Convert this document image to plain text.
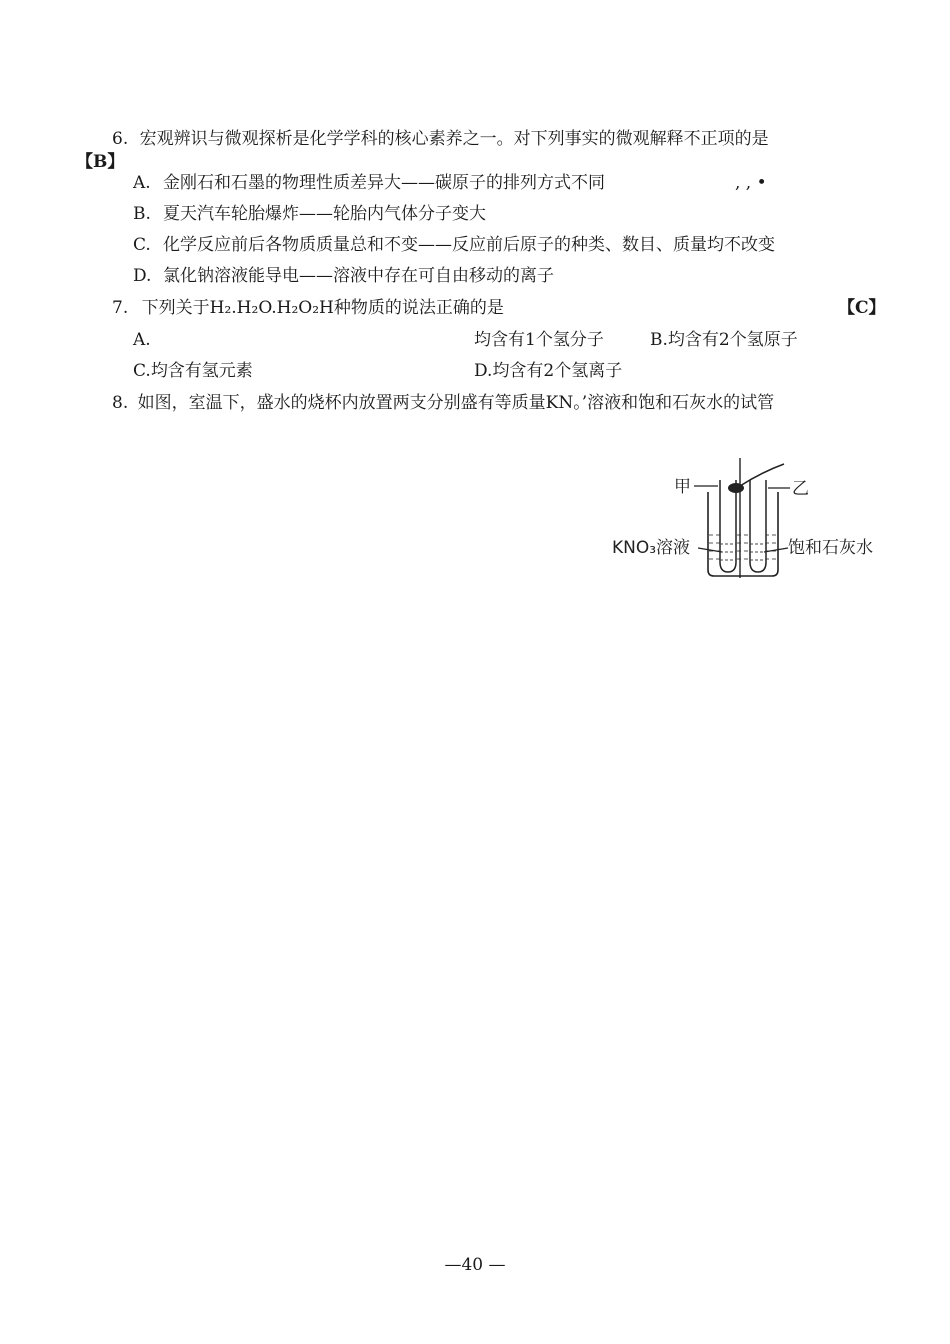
6. 宏观辨识与微观探析是化学学科的核心素养之一。对下列事实的微观解释不正项的是
【B】
A. 金刚石和石墨的物理性质差异大——碳原子的排列方式不同	, , •
B. 夏天汽车轮胎爆炸——轮胎内气体分子变大
C. 化学反应前后各物质质量总和不变——反应前后原子的种类、数目、质量均不改变
D. 氯化钠溶液能导电——溶液中存在可自由移动的离子
7. 下列关于H₂.H₂O.H₂O₂H种物质的说法正确的是	【C】
A.	均含有1个氢分子	B.均含有2个氢原子
C.均含有氢元素	D.均含有2个氢离子
8. 如图，室温下，盛水的烧杯内放置两支分别盛有等质量KN。’溶液和饱和石灰水的试管
甲	乙
KNO₃溶液	饱和石灰水
—40 —
